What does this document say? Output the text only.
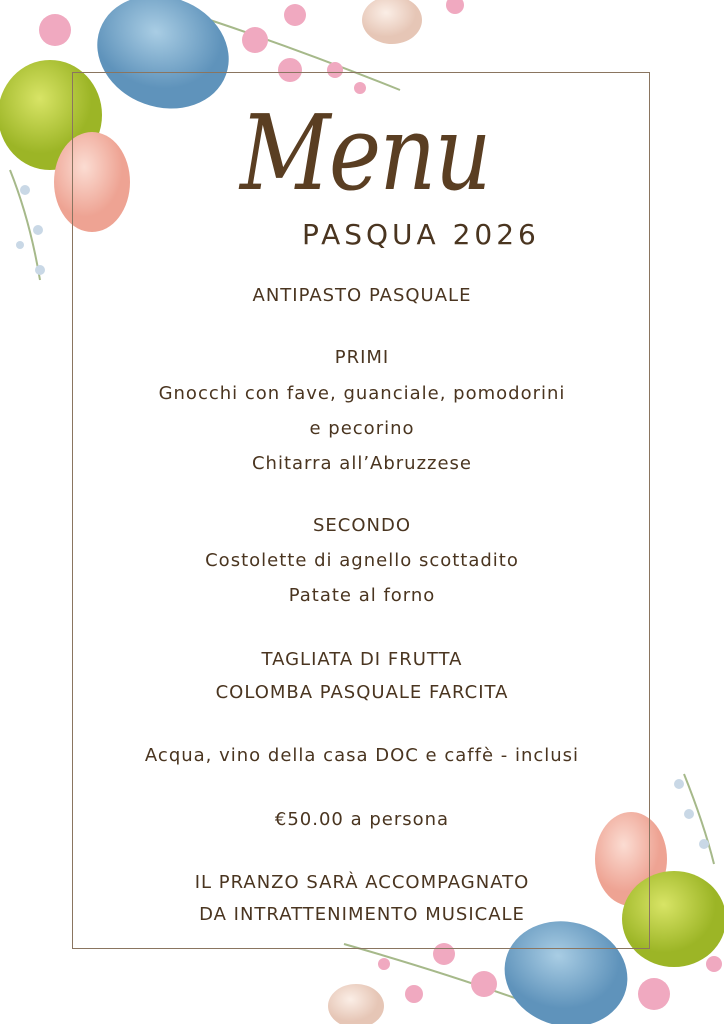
Menu
PASQUA 2026
ANTIPASTO PASQUALE
PRIMI
Gnocchi con fave, guanciale, pomodorini
e pecorino
Chitarra all’Abruzzese
SECONDO
Costolette di agnello scottadito
Patate al forno
TAGLIATA DI FRUTTA
COLOMBA PASQUALE FARCITA
Acqua, vino della casa DOC e caffè - inclusi
€50.00 a persona
IL PRANZO SARÀ ACCOMPAGNATO
DA INTRATTENIMENTO MUSICALE
